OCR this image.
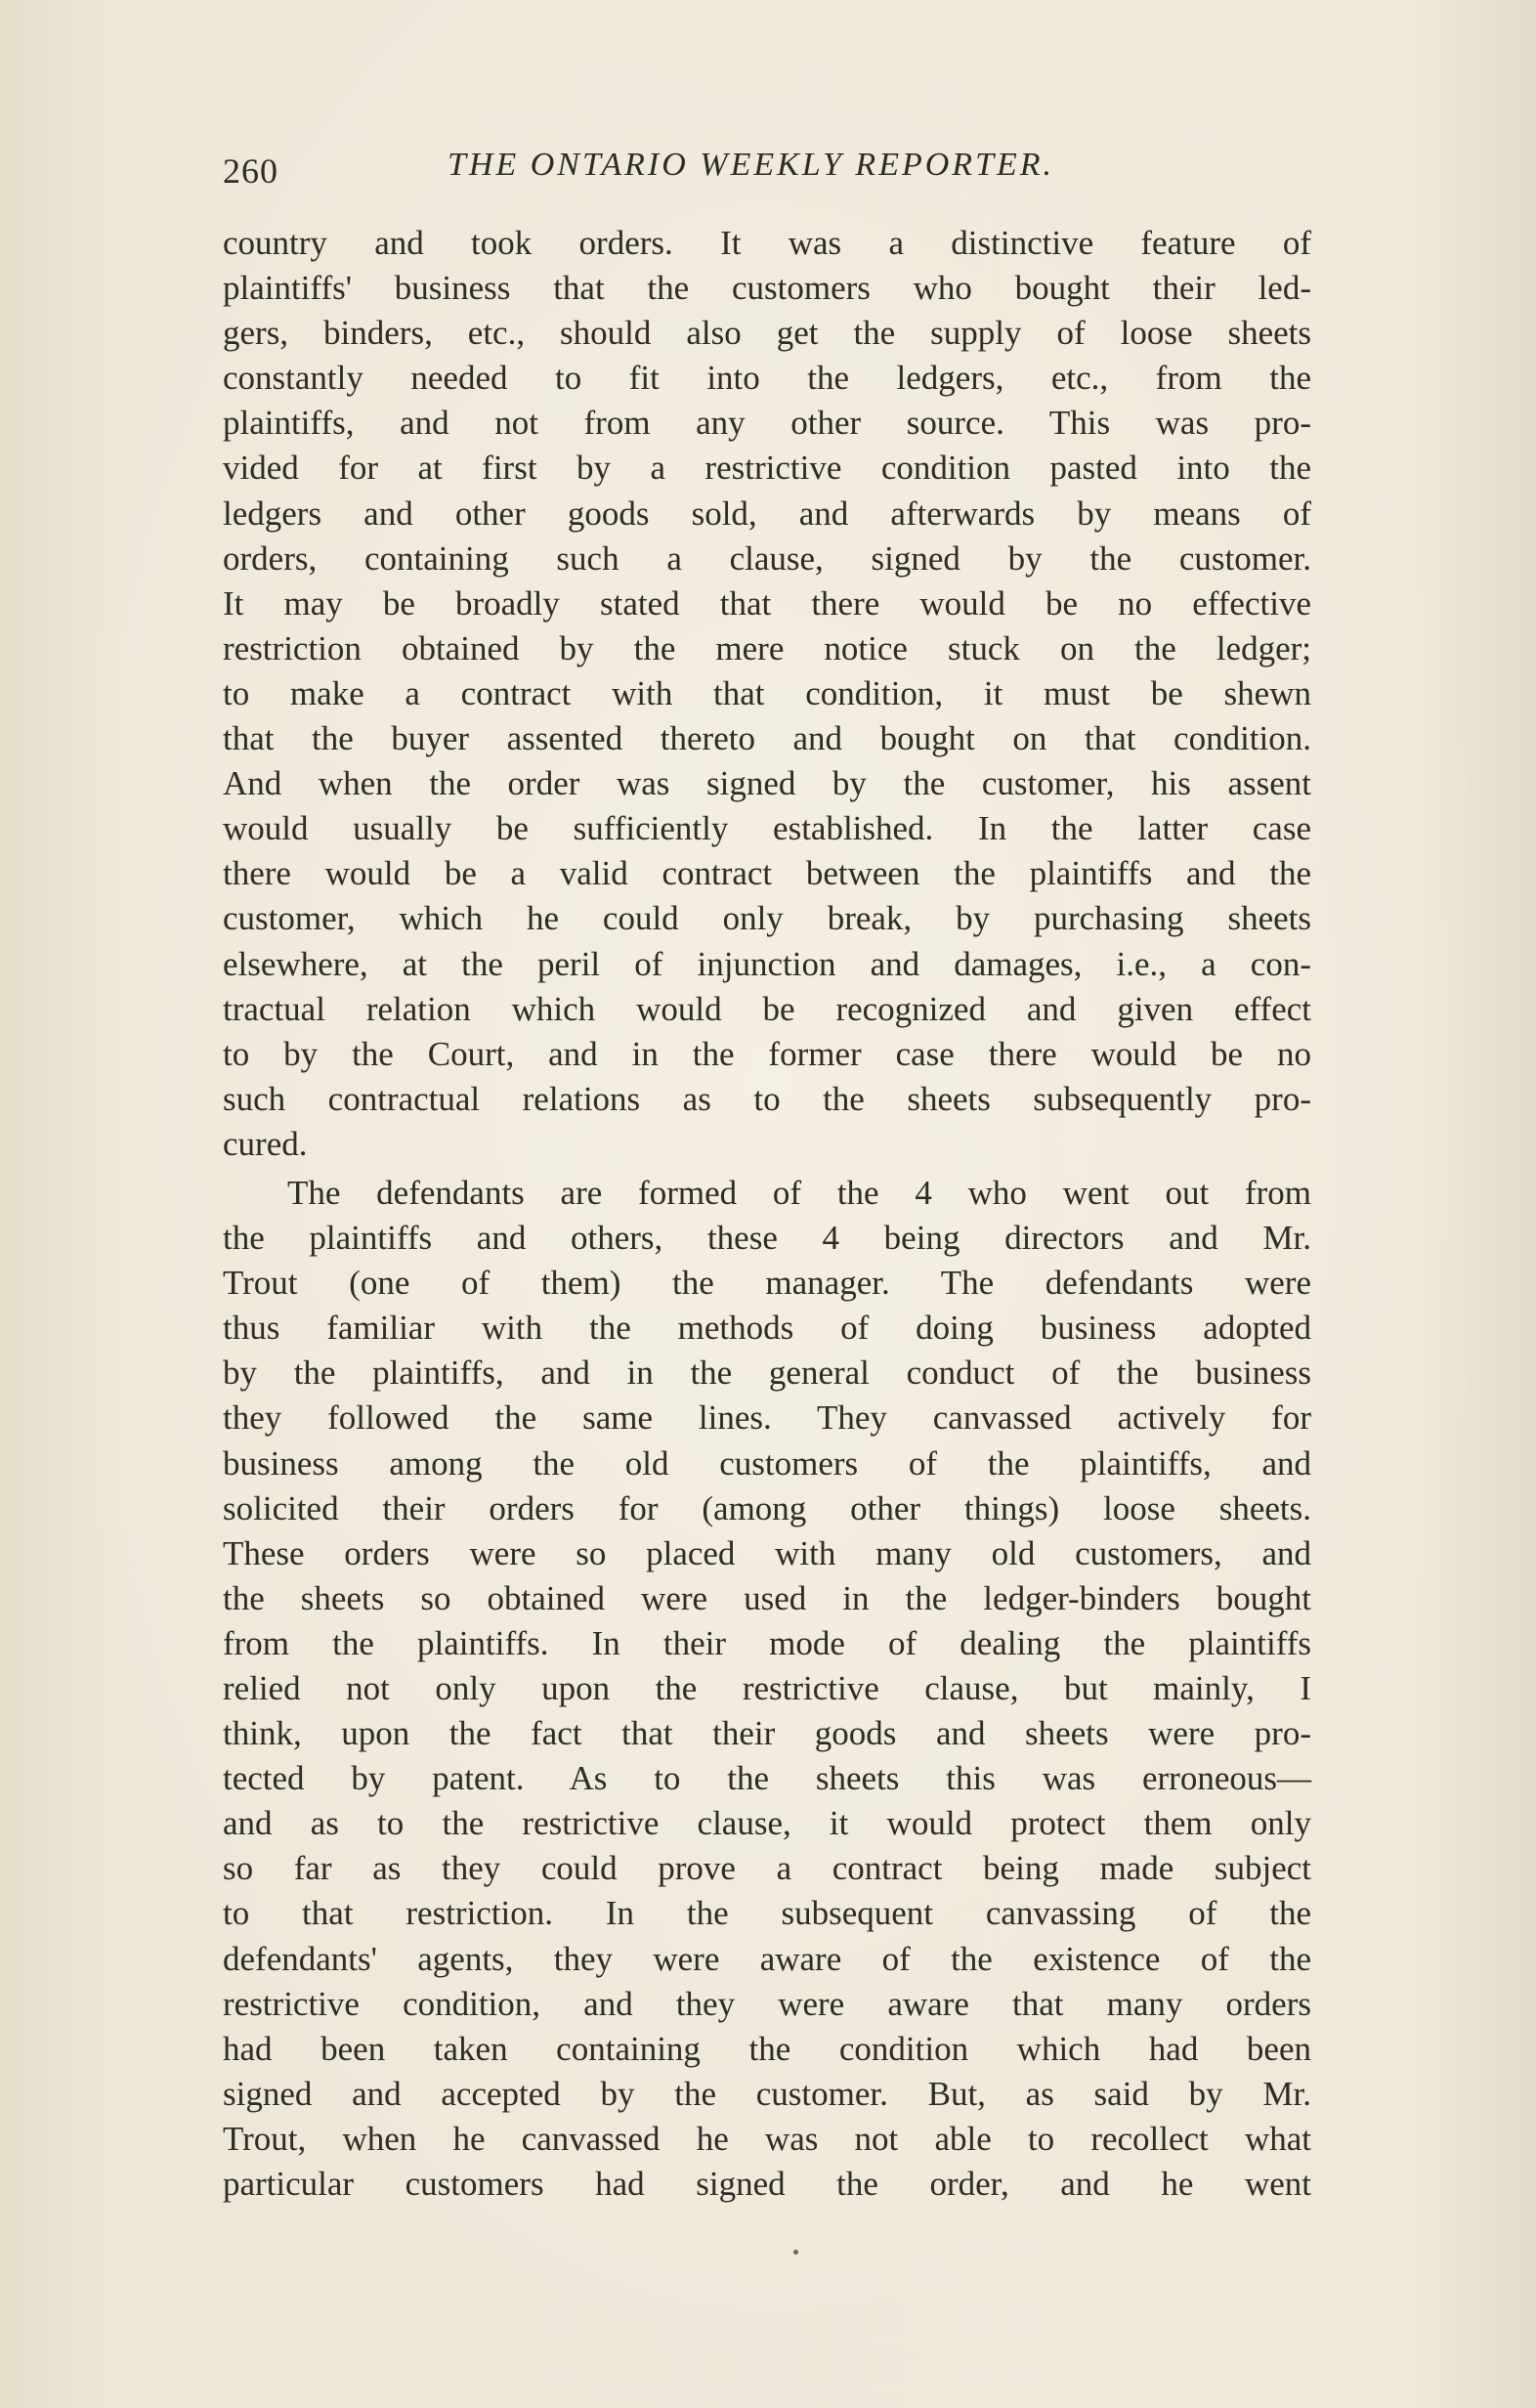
260	THE ONTARIO WEEKLY REPORTER.
country and took orders. It was a distinctive feature of
plaintiffs' business that the customers who bought their led-
gers, binders, etc., should also get the supply of loose sheets
constantly needed to fit into the ledgers, etc., from the
plaintiffs, and not from any other source. This was pro-
vided for at first by a restrictive condition pasted into the
ledgers and other goods sold, and afterwards by means of
orders, containing such a clause, signed by the customer.
It may be broadly stated that there would be no effective
restriction obtained by the mere notice stuck on the ledger;
to make a contract with that condition, it must be shewn
that the buyer assented thereto and bought on that condition.
And when the order was signed by the customer, his assent
would usually be sufficiently established. In the latter case
there would be a valid contract between the plaintiffs and the
customer, which he could only break, by purchasing sheets
elsewhere, at the peril of injunction and damages, i.e., a con-
tractual relation which would be recognized and given effect
to by the Court, and in the former case there would be no
such contractual relations as to the sheets subsequently pro-
cured.
The defendants are formed of the 4 who went out from
the plaintiffs and others, these 4 being directors and Mr.
Trout (one of them) the manager. The defendants were
thus familiar with the methods of doing business adopted
by the plaintiffs, and in the general conduct of the business
they followed the same lines. They canvassed actively for
business among the old customers of the plaintiffs, and
solicited their orders for (among other things) loose sheets.
These orders were so placed with many old customers, and
the sheets so obtained were used in the ledger-binders bought
from the plaintiffs. In their mode of dealing the plaintiffs
relied not only upon the restrictive clause, but mainly, I
think, upon the fact that their goods and sheets were pro-
tected by patent. As to the sheets this was erroneous—
and as to the restrictive clause, it would protect them only
so far as they could prove a contract being made subject
to that restriction. In the subsequent canvassing of the
defendants' agents, they were aware of the existence of the
restrictive condition, and they were aware that many orders
had been taken containing the condition which had been
signed and accepted by the customer. But, as said by Mr.
Trout, when he canvassed he was not able to recollect what
particular customers had signed the order, and he went
